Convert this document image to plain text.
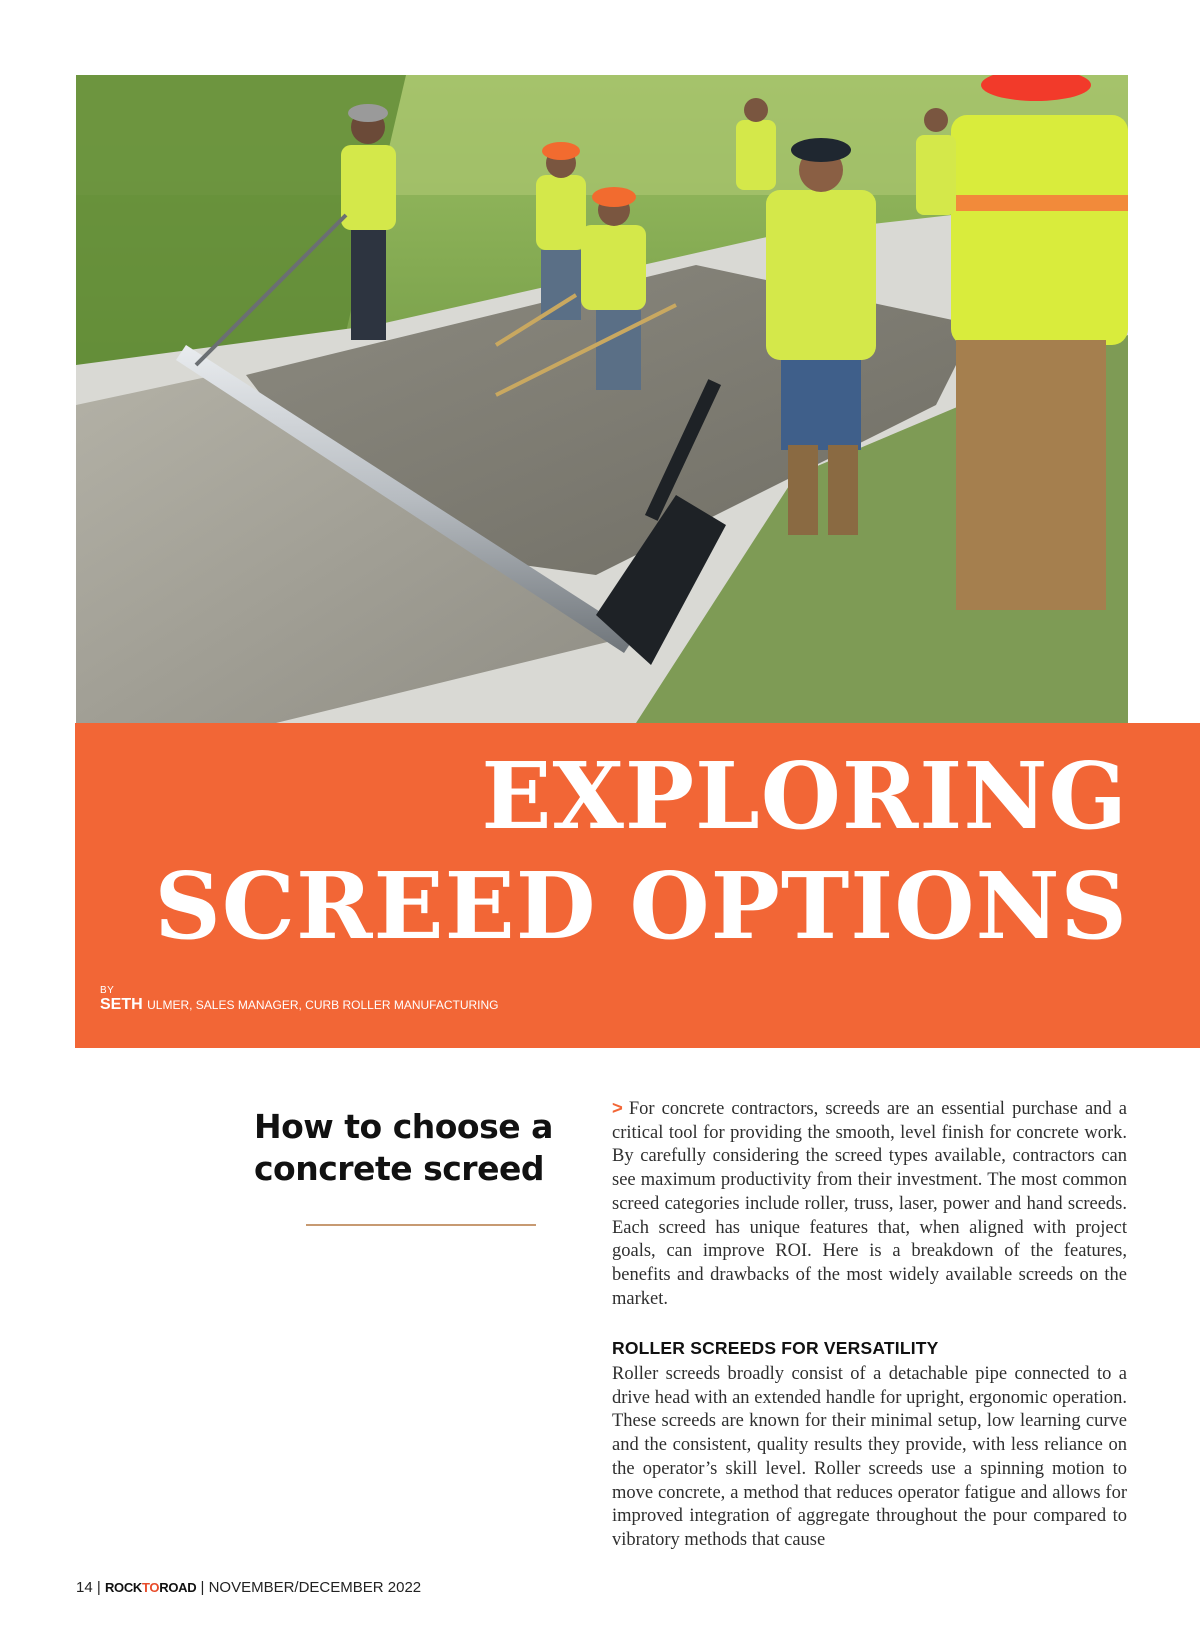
EXPLORING
SCREED OPTIONS
BY
SETH ULMER, SALES MANAGER, CURB ROLLER MANUFACTURING
How to choose a
concrete screed

> For concrete contractors, screeds are an essential purchase and a critical tool for providing the smooth, level finish for concrete work. By carefully considering the screed types available, contractors can see maximum productivity from their investment. The most common screed categories include roller, truss, laser, power and hand screeds. Each screed has unique features that, when aligned with project goals, can improve ROI. Here is a breakdown of the features, benefits and drawbacks of the most widely available screeds on the market.

ROLLER SCREEDS FOR VERSATILITY

Roller screeds broadly consist of a detachable pipe connected to a drive head with an extended handle for upright, ergonomic operation. These screeds are known for their minimal setup, low learning curve and the consistent, quality results they provide, with less reliance on the operator’s skill level. Roller screeds use a spinning motion to move concrete, a method that reduces operator fatigue and allows for improved integration of aggregate throughout the pour compared to vibratory methods that cause

14 | ROCKTOROAD | NOVEMBER/DECEMBER 2022
